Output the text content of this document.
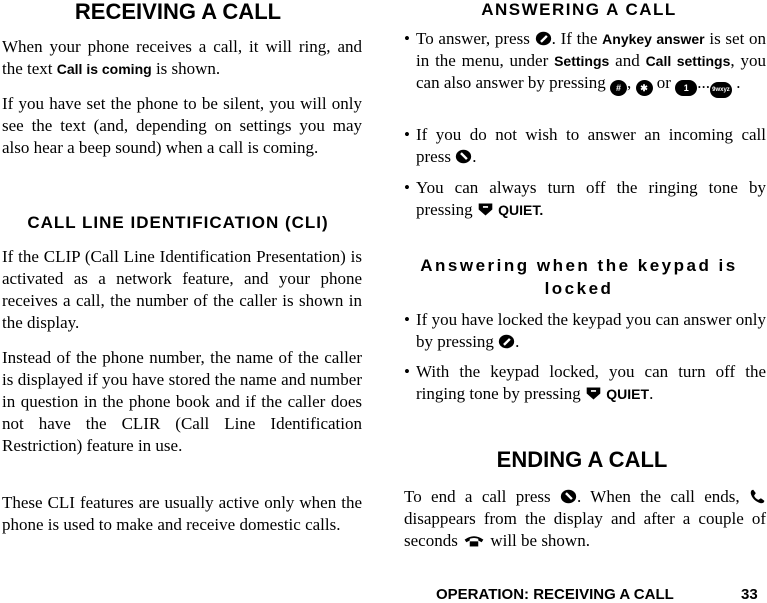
RECEIVING A CALL

When your phone receives a call, it will ring, and the text Call is coming is shown.

If you have set the phone to be silent, you will only see the text (and, depending on settings you may also hear a beep sound) when a call is coming.

CALL LINE IDENTIFICATION (CLI)

If the CLIP (Call Line Identification Presentation) is activated as a network feature, and your phone receives a call, the number of the caller is shown in the display.

Instead of the phone number, the name of the caller is displayed if you have stored the name and number in question in the phone book and if the caller does not have the CLIR (Call Line Identification Restriction) feature in use.

These CLI features are usually active only when the phone is used to make and receive domestic calls.

ANSWERING A CALL

• To answer, press . If the Anykey answer is set on in the menu, under Settings and Call settings, you can also answer by pressing # , ✱ or 1 ... 9wxyz .

• If you do not wish to answer an incoming call press .

• You can always turn off the ringing tone by pressing QUIET.

Answering when the keypad is locked

• If you have locked the keypad you can answer only by pressing .

• With the keypad locked, you can turn off the ringing tone by pressing QUIET.

ENDING A CALL

To end a call press . When the call ends,  disappears from the display and after a couple of seconds will be shown.

OPERATION: RECEIVING A CALL	33
